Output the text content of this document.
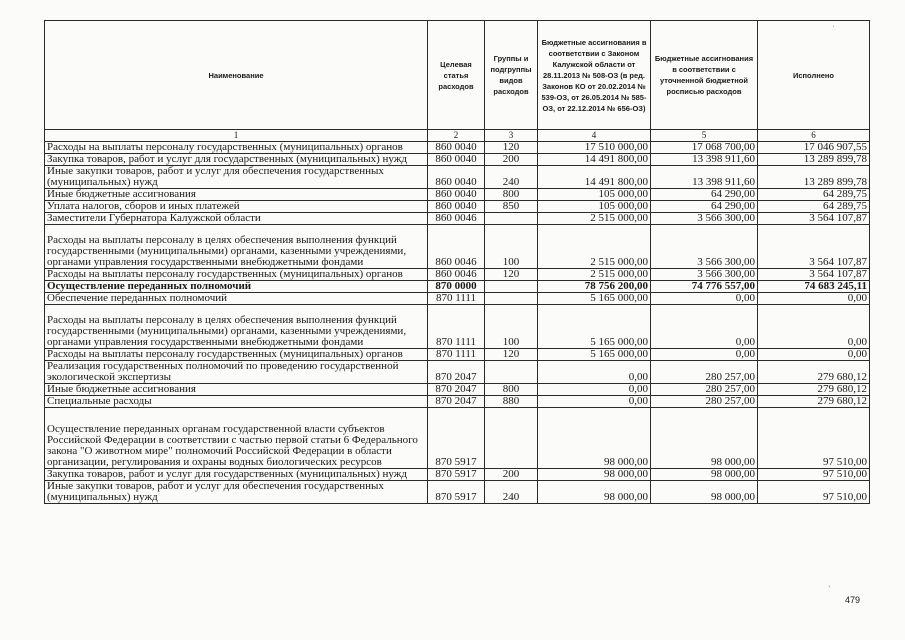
Наименование	Целевая статья расходов	Группы и подгруппы видов расходов	Бюджетные ассигнования в соответствии с Законом Калужской области от 28.11.2013 № 508-ОЗ (в ред. Законов КО от 20.02.2014 № 539-ОЗ, от 26.05.2014 № 585-ОЗ, от 22.12.2014 № 656-ОЗ)	Бюджетные ассигнования в соответствии с уточненной бюджетной росписью расходов	Исполнено
1	2	3	4	5	6
Расходы на выплаты персоналу государственных (муниципальных) органов	860 0040	120	17 510 000,00	17 068 700,00	17 046 907,55
Закупка товаров, работ и услуг для государственных (муниципальных) нужд	860 0040	200	14 491 800,00	13 398 911,60	13 289 899,78
Иные закупки товаров, работ и услуг для обеспечения государственных (муниципальных) нужд	860 0040	240	14 491 800,00	13 398 911,60	13 289 899,78
Иные бюджетные ассигнования	860 0040	800	105 000,00	64 290,00	64 289,75
Уплата налогов, сборов и иных платежей	860 0040	850	105 000,00	64 290,00	64 289,75
Заместители Губернатора Калужской области	860 0046		2 515 000,00	3 566 300,00	3 564 107,87
Расходы на выплаты персоналу в целях обеспечения выполнения функций государственными (муниципальными) органами, казенными учреждениями, органами управления государственными внебюджетными фондами	860 0046	100	2 515 000,00	3 566 300,00	3 564 107,87
Расходы на выплаты персоналу государственных (муниципальных) органов	860 0046	120	2 515 000,00	3 566 300,00	3 564 107,87
Осуществление переданных полномочий	870 0000		78 756 200,00	74 776 557,00	74 683 245,11
Обеспечение переданных полномочий	870 1111		5 165 000,00	0,00	0,00
Расходы на выплаты персоналу в целях обеспечения выполнения функций государственными (муниципальными) органами, казенными учреждениями, органами управления государственными внебюджетными фондами	870 1111	100	5 165 000,00	0,00	0,00
Расходы на выплаты персоналу государственных (муниципальных) органов	870 1111	120	5 165 000,00	0,00	0,00
Реализация государственных полномочий по проведению государственной экологической экспертизы	870 2047		0,00	280 257,00	279 680,12
Иные бюджетные ассигнования	870 2047	800	0,00	280 257,00	279 680,12
Специальные расходы	870 2047	880	0,00	280 257,00	279 680,12
Осуществление переданных органам государственной власти субъектов Российской Федерации в соответствии с частью первой статьи 6 Федерального закона "О животном мире" полномочий Российской Федерации в области организации, регулирования и охраны водных биологических ресурсов	870 5917		98 000,00	98 000,00	97 510,00
Закупка товаров, работ и услуг для государственных (муниципальных) нужд	870 5917	200	98 000,00	98 000,00	97 510,00
Иные закупки товаров, работ и услуг для обеспечения государственных (муниципальных) нужд	870 5917	240	98 000,00	98 000,00	97 510,00
ˌ
ˏ
479
